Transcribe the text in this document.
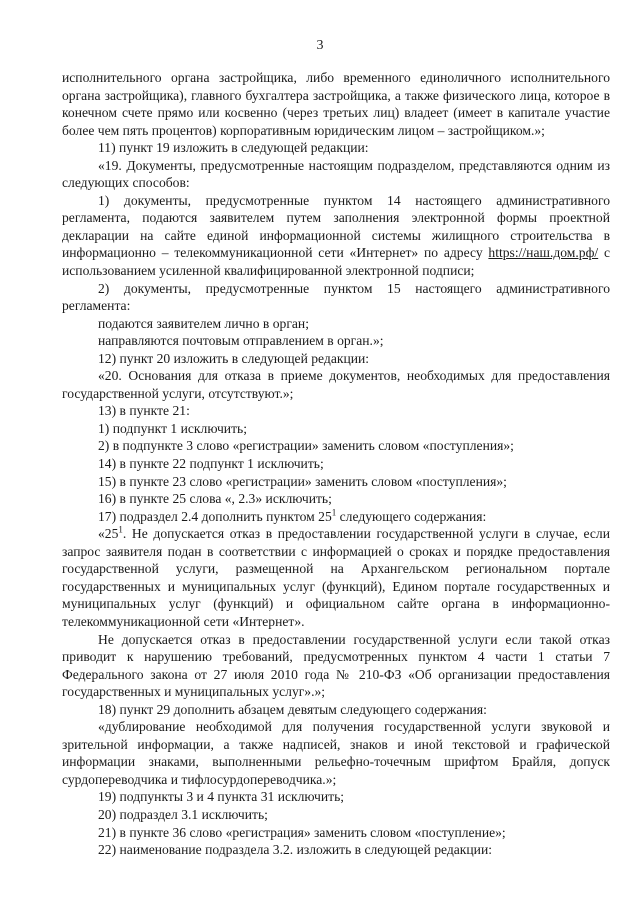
3

исполнительного органа застройщика, либо временного единоличного исполнительного органа застройщика), главного бухгалтера застройщика, а также физического лица, которое в конечном счете прямо или косвенно (через третьих лиц) владеет (имеет в капитале участие более чем пять процентов) корпоративным юридическим лицом – застройщиком.»;

11) пункт 19 изложить в следующей редакции:

«19. Документы, предусмотренные настоящим подразделом, представляются одним из следующих способов:

1) документы, предусмотренные пунктом 14 настоящего административного регламента, подаются заявителем путем заполнения электронной формы проектной декларации на сайте единой информационной системы жилищного строительства в информационно – телекоммуникационной сети «Интернет» по адресу https://наш.дом.рф/ с использованием усиленной квалифицированной электронной подписи;

2) документы, предусмотренные пунктом 15 настоящего административного регламента:

подаются заявителем лично в орган;

направляются почтовым отправлением в орган.»;

12) пункт 20 изложить в следующей редакции:

«20. Основания для отказа в приеме документов, необходимых для предоставления государственной услуги, отсутствуют.»;

13) в пункте 21:

1) подпункт 1 исключить;

2) в подпункте 3 слово «регистрации» заменить словом «поступления»;

14) в пункте 22 подпункт 1 исключить;

15) в пункте 23 слово «регистрации» заменить словом «поступления»;

16) в пункте 25 слова «, 2.3» исключить;

17) подраздел 2.4 дополнить пунктом $25^1$ следующего содержания:

«$25^1$. Не допускается отказ в предоставлении государственной услуги в случае, если запрос заявителя подан в соответствии с информацией о сроках и порядке предоставления государственной услуги, размещенной на Архангельском региональном портале государственных и муниципальных услуг (функций), Едином портале государственных и муниципальных услуг (функций) и официальном сайте органа в информационно-телекоммуникационной сети «Интернет».

Не допускается отказ в предоставлении государственной услуги если такой отказ приводит к нарушению требований, предусмотренных пунктом 4 части 1 статьи 7 Федерального закона от 27 июля 2010 года № 210-ФЗ «Об организации предоставления государственных и муниципальных услуг».»;

18) пункт 29 дополнить абзацем девятым следующего содержания:

«дублирование необходимой для получения государственной услуги звуковой и зрительной информации, а также надписей, знаков и иной текстовой и графической информации знаками, выполненными рельефно-точечным шрифтом Брайля, допуск сурдопереводчика и тифлосурдопереводчика.»;

19) подпункты 3 и 4 пункта 31 исключить;

20) подраздел 3.1 исключить;

21) в пункте 36 слово «регистрация» заменить словом «поступление»;

22) наименование подраздела 3.2. изложить в следующей редакции:
